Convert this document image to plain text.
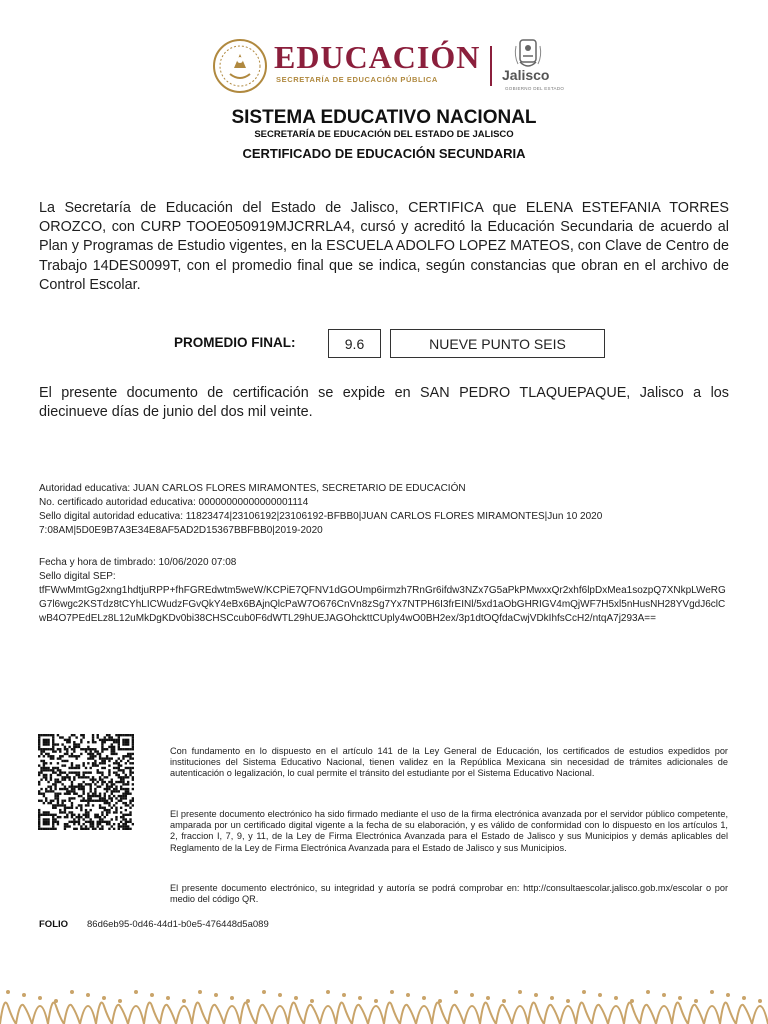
EDUCACIÓN
SECRETARÍA DE EDUCACIÓN PÚBLICA	Jalisco
GOBIERNO DEL ESTADO
SISTEMA EDUCATIVO NACIONAL
SECRETARÍA DE EDUCACIÓN DEL ESTADO DE JALISCO
CERTIFICADO DE EDUCACIÓN SECUNDARIA
La Secretaría de Educación del Estado de Jalisco, CERTIFICA que ELENA ESTEFANIA TORRES OROZCO, con CURP TOOE050919MJCRRLA4, cursó y acreditó la Educación Secundaria de acuerdo al Plan y Programas de Estudio vigentes, en la ESCUELA ADOLFO LOPEZ MATEOS, con Clave de Centro de Trabajo 14DES0099T, con el promedio final que se indica, según constancias que obran en el archivo de Control Escolar.
PROMEDIO FINAL:	9.6	NUEVE PUNTO SEIS
El presente documento de certificación se expide en SAN PEDRO TLAQUEPAQUE, Jalisco a los diecinueve días de junio del dos mil veinte.
Autoridad educativa: JUAN CARLOS FLORES MIRAMONTES, SECRETARIO DE EDUCACIÓN
No. certificado autoridad educativa: 00000000000000001114
Sello digital autoridad educativa: 11823474|23106192|23106192-BFBB0|JUAN CARLOS FLORES MIRAMONTES|Jun 10 2020
7:08AM|5D0E9B7A3E34E8AF5AD2D15367BBFBB0|2019-2020
Fecha y hora de timbrado: 10/06/2020 07:08
Sello digital SEP:
tfFWwMmtGg2xng1hdtjuRPP+fhFGREdwtm5weW/KCPiE7QFNV1dGOUmp6irmzh7RnGr6ifdw3NZx7G5aPkPMwxxQr2xhf6lpDxMea1sozpQ7XNkpLWeRGG7l6wgc2KSTdz8tCYhLICWudzFGvQkY4eBx6BAjnQlcPaW7O676CnVn8zSg7Yx7NTPH6I3frEINl/5xd1aObGHRIGV4mQjWF7H5xl5nHusNH28YVgdJ6clCwB4O7PEdELz8L12uMkDgKDv0bi38CHSCcub0F6dWTL29hUEJAGOhckttCUply4wO0BH2ex/3p1dtOQfdaCwjVDkIhfsCcH2/ntqA7j293A==
Con fundamento en lo dispuesto en el artículo 141 de la Ley General de Educación, los certificados de estudios expedidos por instituciones del Sistema Educativo Nacional, tienen validez en la República Mexicana sin necesidad de trámites adicionales de autenticación o legalización, lo cual permite el tránsito del estudiante por el Sistema Educativo Nacional.
El presente documento electrónico ha sido firmado mediante el uso de la firma electrónica avanzada por el servidor público competente, amparada por un certificado digital vigente a la fecha de su elaboración, y es válido de conformidad con lo dispuesto en los artículos 1, 2, fraccion I, 7, 9, y 11, de la Ley de Firma Electrónica Avanzada para el Estado de Jalisco y sus Municipios y demás aplicables del Reglamento de la Ley de Firma Electrónica Avanzada para el Estado de Jalisco y sus Municipios.
El presente documento electrónico, su integridad y autoría se podrá comprobar en: http://consultaescolar.jalisco.gob.mx/escolar o por medio del código QR.
FOLIO 86d6eb95-0d46-44d1-b0e5-476448d5a089
